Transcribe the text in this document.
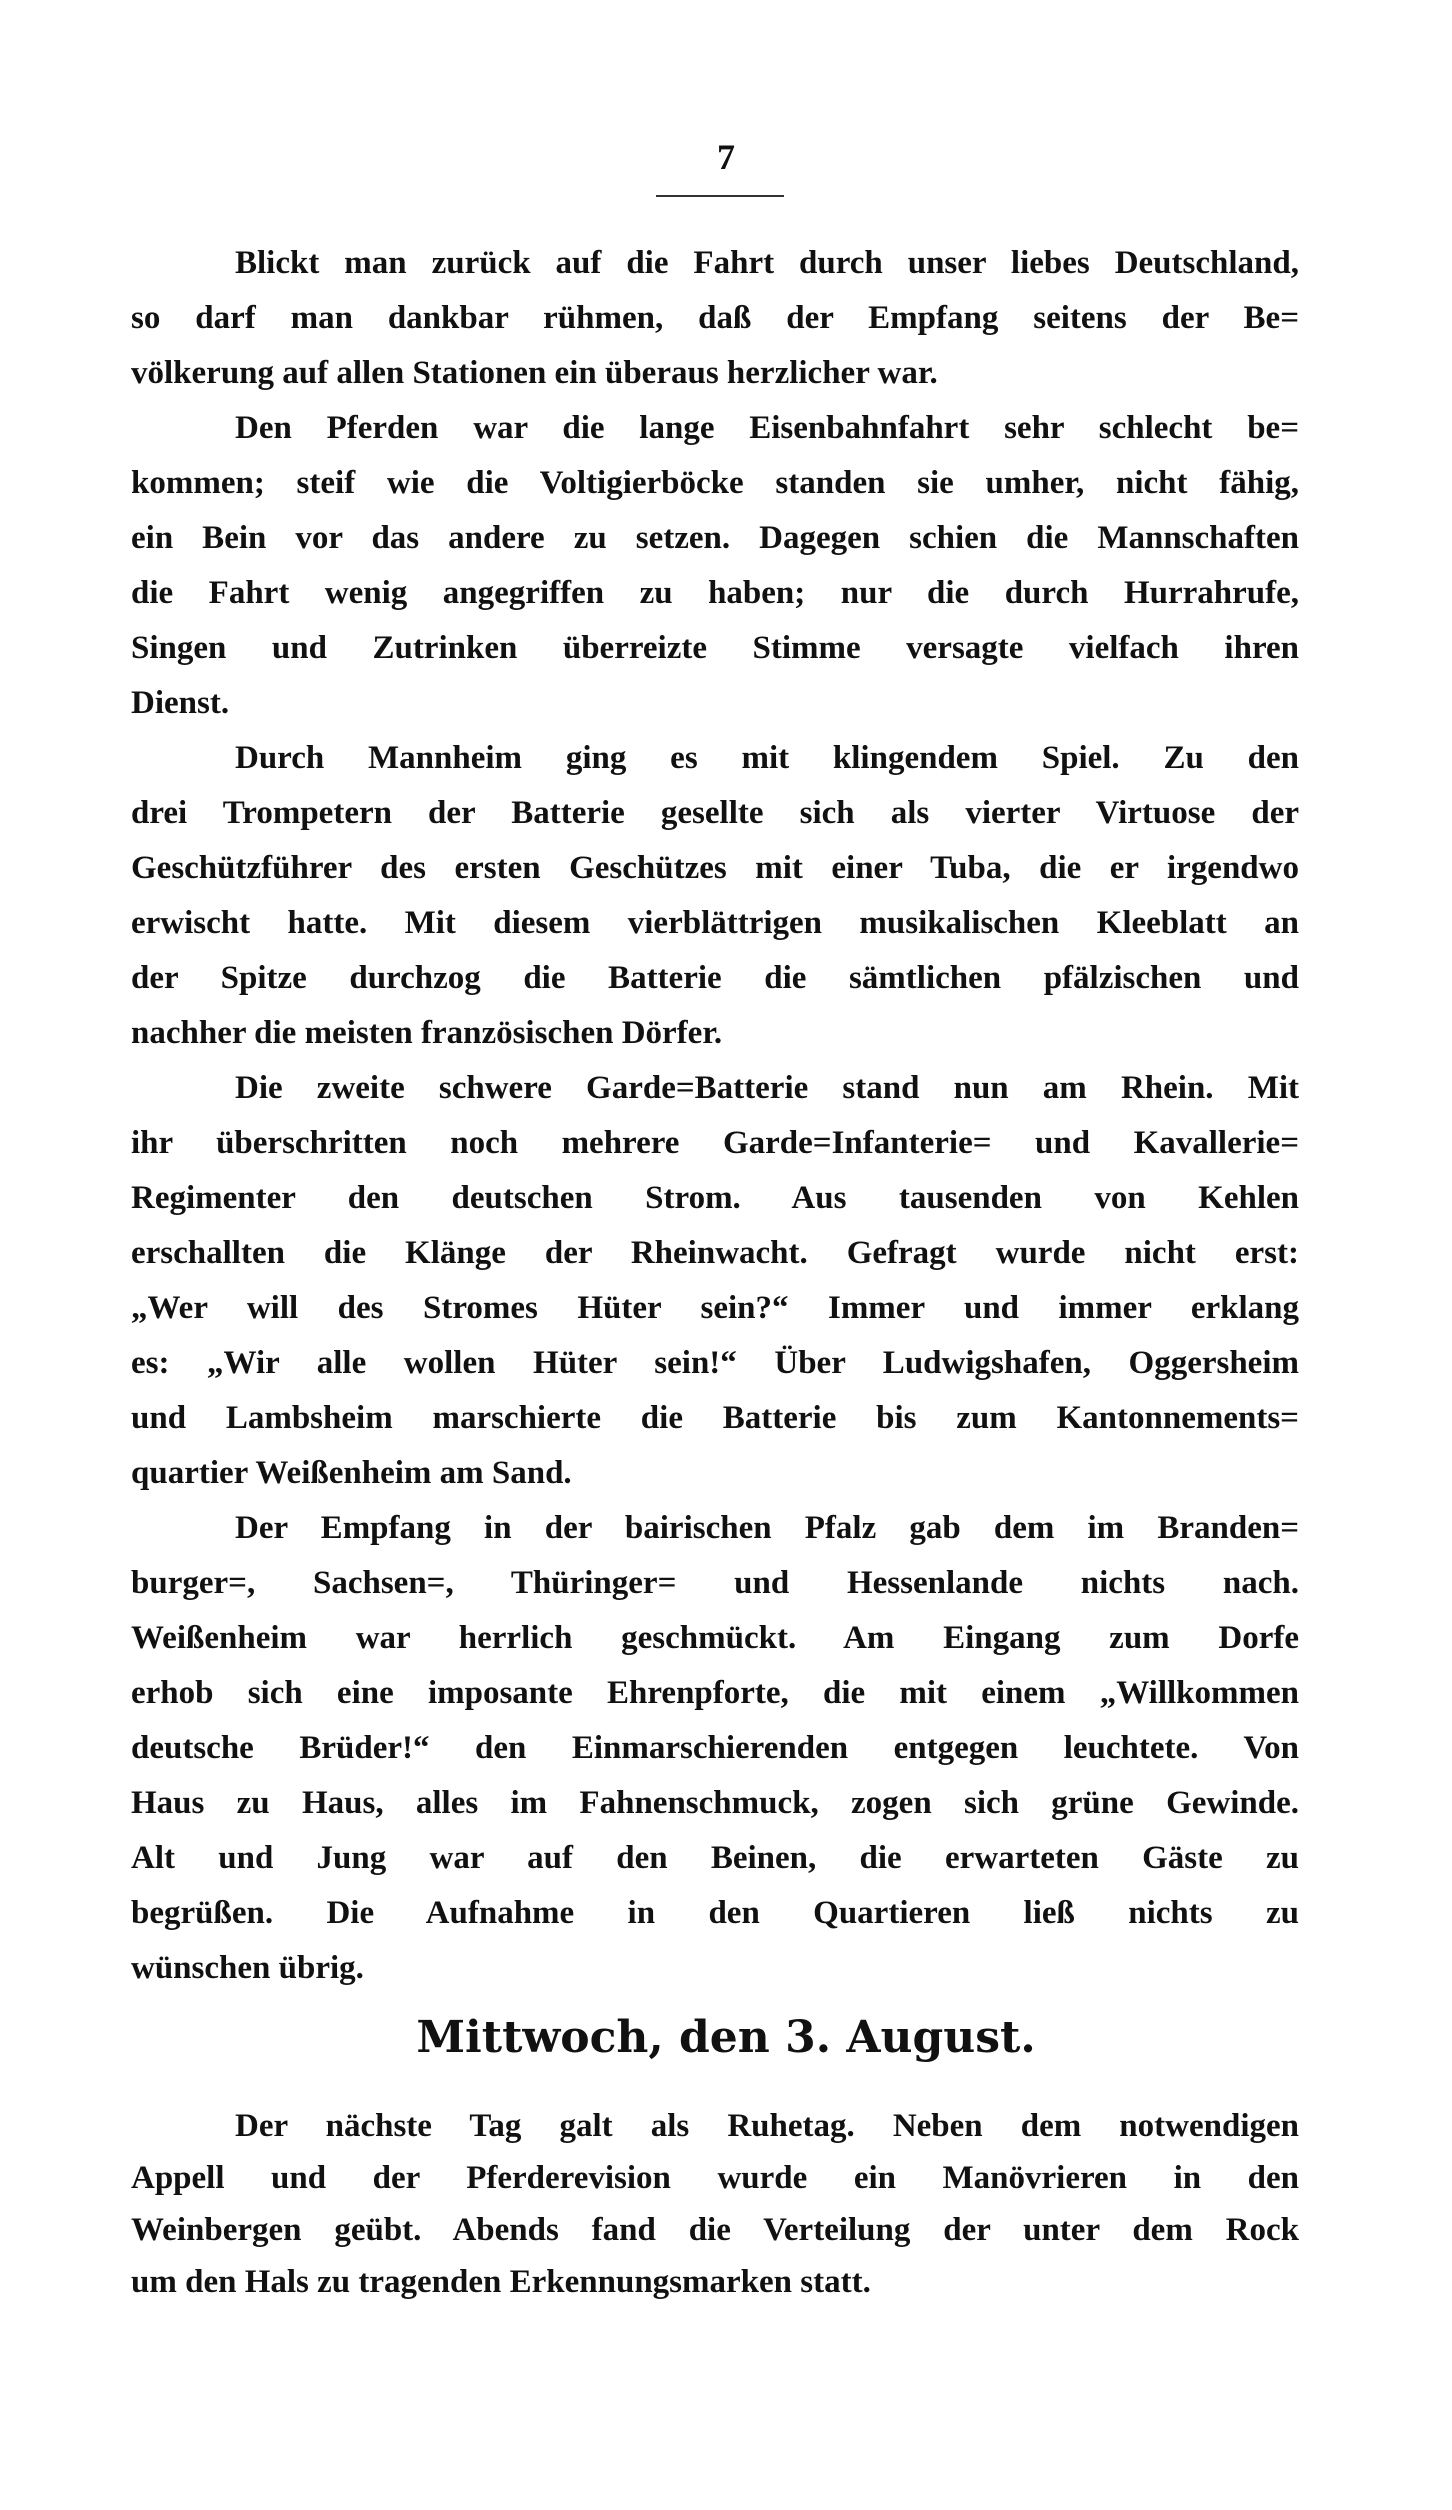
7
Blickt man zurück auf die Fahrt durch unser liebes Deutschland,
so darf man dankbar rühmen, daß der Empfang seitens der Be=
völkerung auf allen Stationen ein überaus herzlicher war.
Den Pferden war die lange Eisenbahnfahrt sehr schlecht be=
kommen; steif wie die Voltigierböcke standen sie umher, nicht fähig,
ein Bein vor das andere zu setzen. Dagegen schien die Mannschaften
die Fahrt wenig angegriffen zu haben; nur die durch Hurrahrufe,
Singen und Zutrinken überreizte Stimme versagte vielfach ihren
Dienst.
Durch Mannheim ging es mit klingendem Spiel. Zu den
drei Trompetern der Batterie gesellte sich als vierter Virtuose der
Geschützführer des ersten Geschützes mit einer Tuba, die er irgendwo
erwischt hatte. Mit diesem vierblättrigen musikalischen Kleeblatt an
der Spitze durchzog die Batterie die sämtlichen pfälzischen und
nachher die meisten französischen Dörfer.
Die zweite schwere Garde=Batterie stand nun am Rhein. Mit
ihr überschritten noch mehrere Garde=Infanterie= und Kavallerie=
Regimenter den deutschen Strom. Aus tausenden von Kehlen
erschallten die Klänge der Rheinwacht. Gefragt wurde nicht erst:
„Wer will des Stromes Hüter sein?“ Immer und immer erklang
es: „Wir alle wollen Hüter sein!“ Über Ludwigshafen, Oggersheim
und Lambsheim marschierte die Batterie bis zum Kantonnements=
quartier Weißenheim am Sand.
Der Empfang in der bairischen Pfalz gab dem im Branden=
burger=, Sachsen=, Thüringer= und Hessenlande nichts nach.
Weißenheim war herrlich geschmückt. Am Eingang zum Dorfe
erhob sich eine imposante Ehrenpforte, die mit einem „Willkommen
deutsche Brüder!“ den Einmarschierenden entgegen leuchtete. Von
Haus zu Haus, alles im Fahnenschmuck, zogen sich grüne Gewinde.
Alt und Jung war auf den Beinen, die erwarteten Gäste zu
begrüßen. Die Aufnahme in den Quartieren ließ nichts zu
wünschen übrig.
Mittwoch, den 3. August.
Der nächste Tag galt als Ruhetag. Neben dem notwendigen
Appell und der Pferderevision wurde ein Manövrieren in den
Weinbergen geübt. Abends fand die Verteilung der unter dem Rock
um den Hals zu tragenden Erkennungsmarken statt.
